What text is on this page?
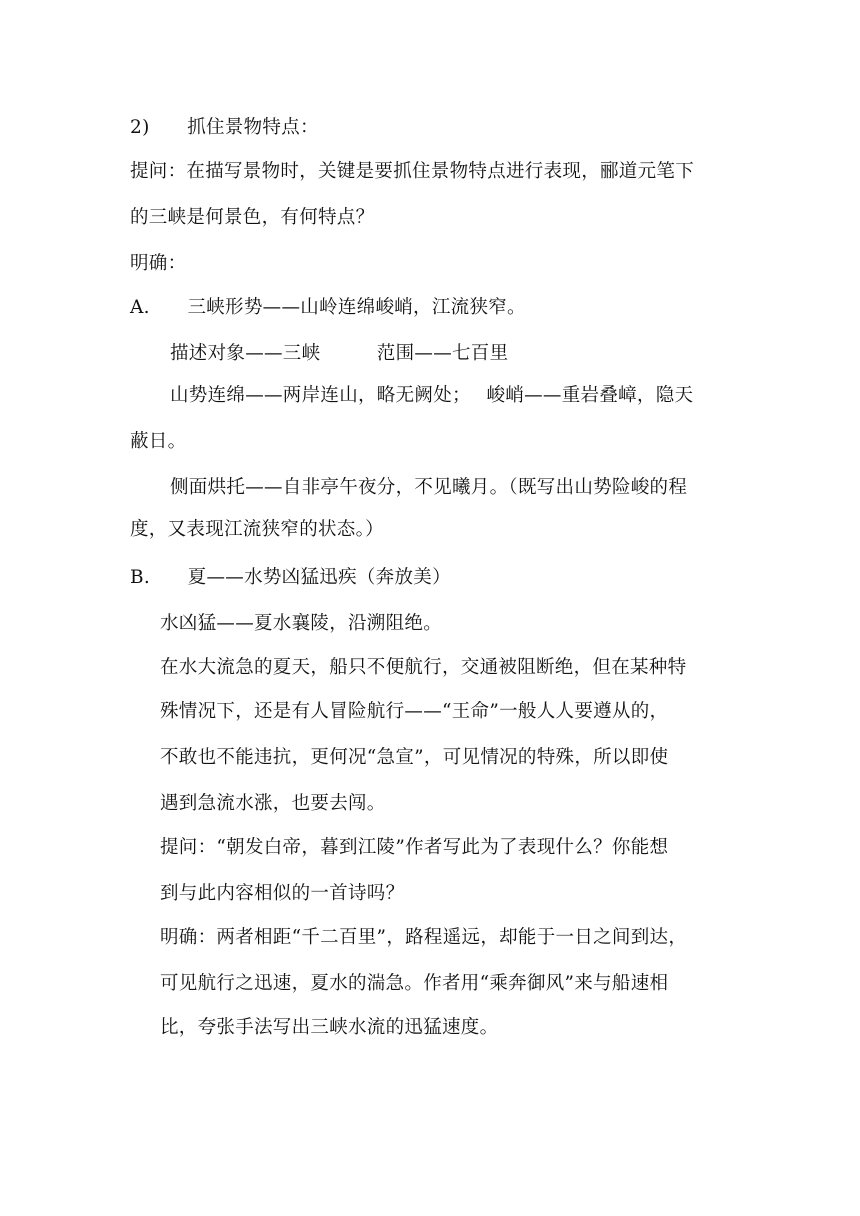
2)　　抓住景物特点：
提问：在描写景物时，关键是要抓住景物特点进行表现，郦道元笔下
的三峡是何景色，有何特点？
明确：
A.　　三峡形势——山岭连绵峻峭，江流狭窄。
描述对象——三峡　　　范围——七百里
山势连绵——两岸连山，略无阙处；　 峻峭——重岩叠嶂，隐天
蔽日。
侧面烘托——自非亭午夜分，不见曦月。（既写出山势险峻的程
度，又表现江流狭窄的状态。）
B.　　夏——水势凶猛迅疾（奔放美）
水凶猛——夏水襄陵，沿溯阻绝。
在水大流急的夏天，船只不便航行，交通被阻断绝，但在某种特
殊情况下，还是有人冒险航行——“王命”一般人人要遵从的，
不敢也不能违抗，更何况“急宣”，可见情况的特殊，所以即使
遇到急流水涨，也要去闯。
提问：“朝发白帝，暮到江陵”作者写此为了表现什么？你能想
到与此内容相似的一首诗吗？
明确：两者相距“千二百里”，路程遥远，却能于一日之间到达，
可见航行之迅速，夏水的湍急。作者用“乘奔御风”来与船速相
比，夸张手法写出三峡水流的迅猛速度。
